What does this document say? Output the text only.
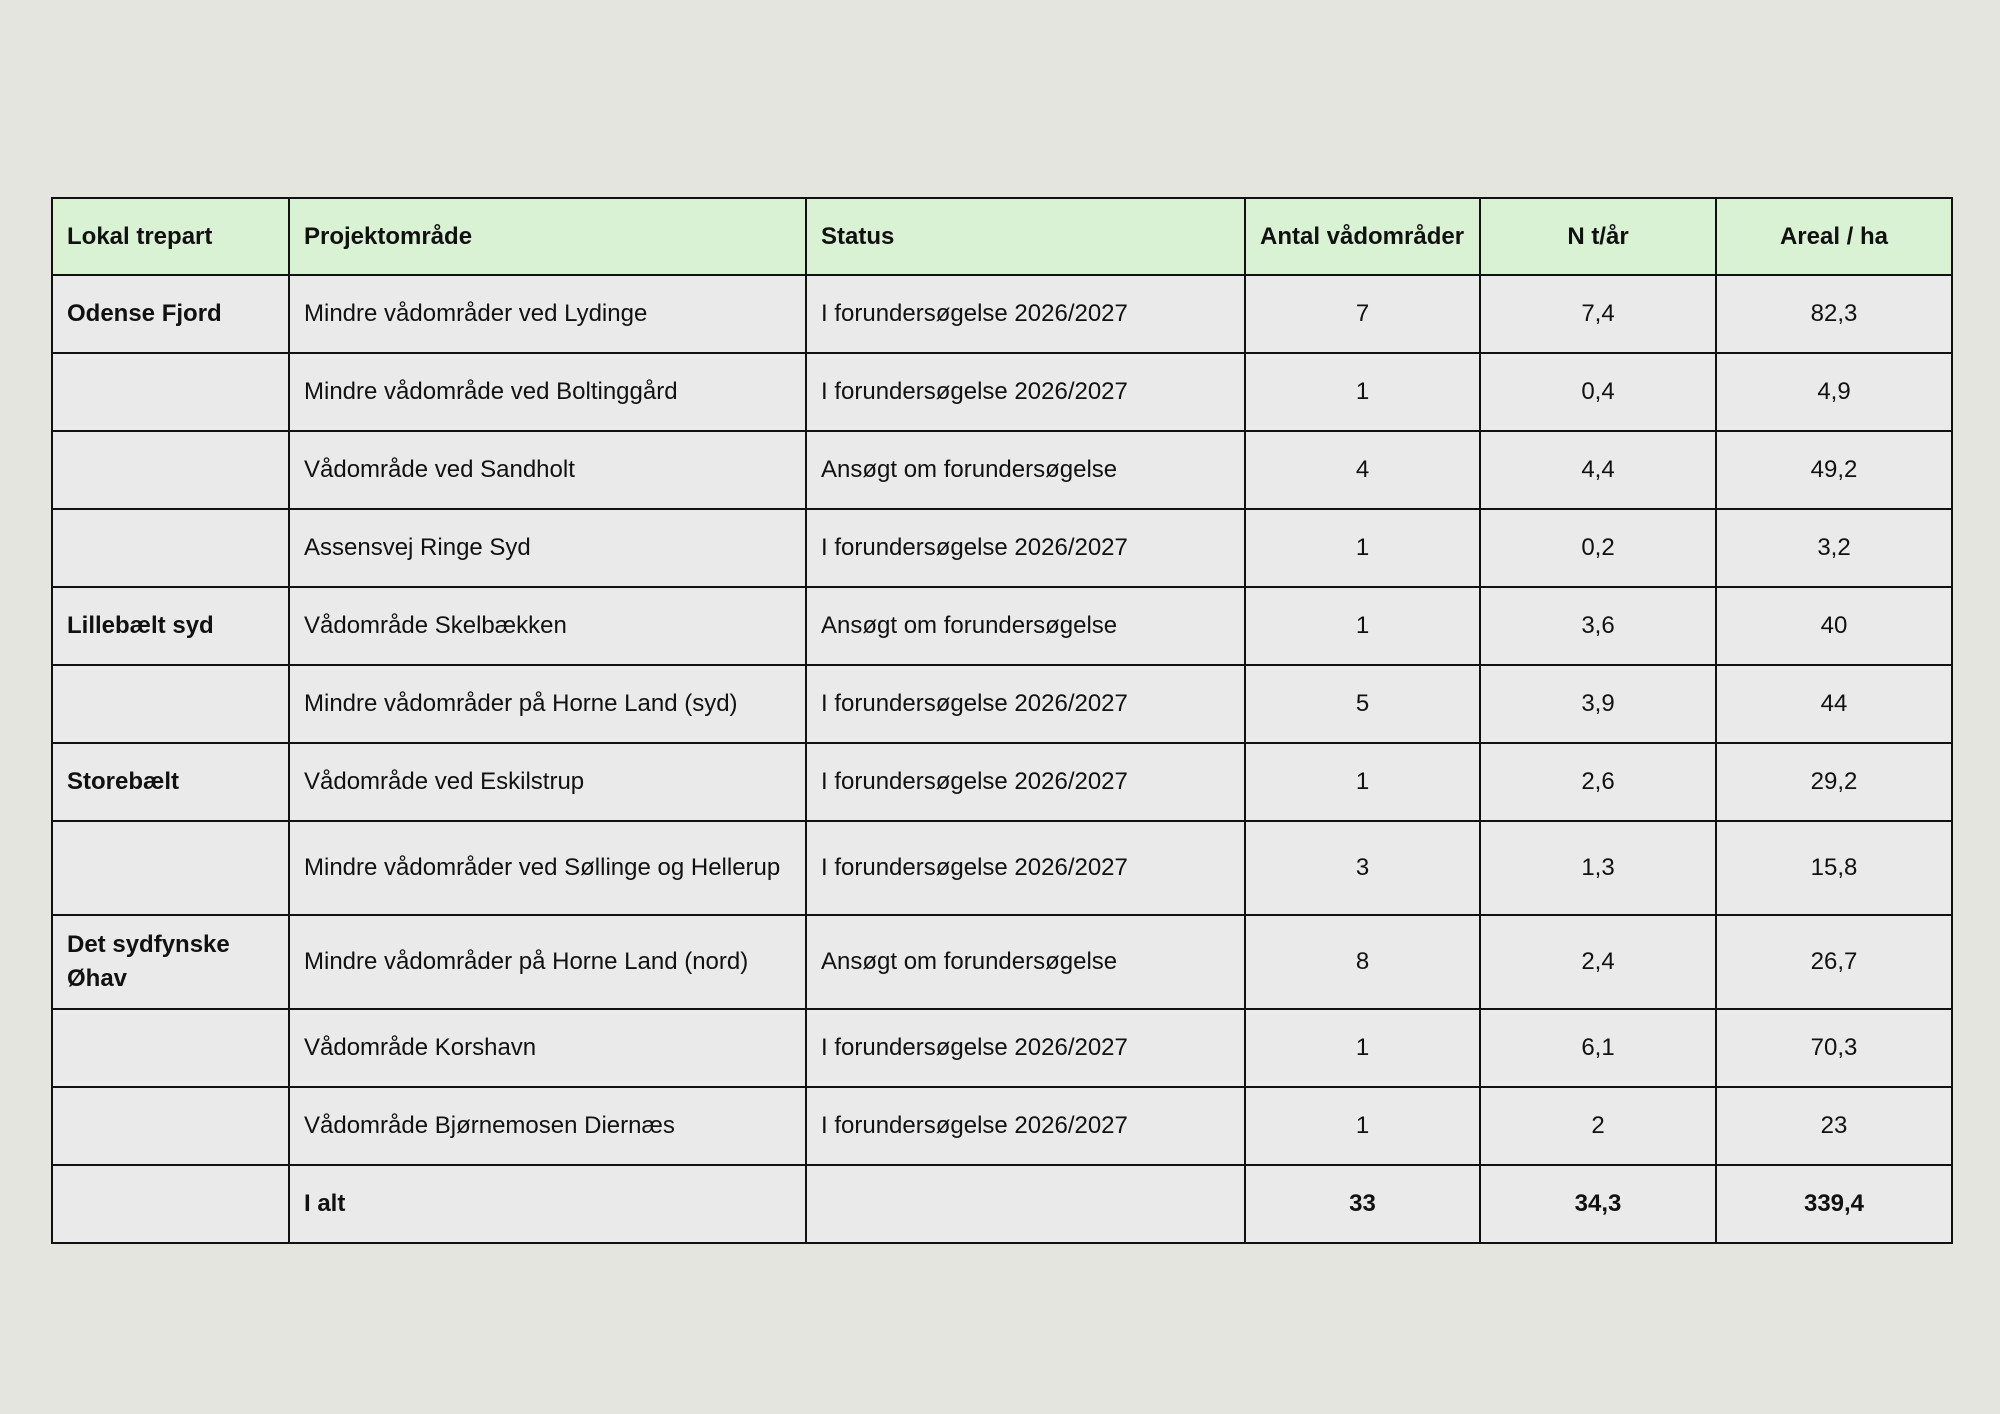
Lokal trepart	Projektområde	Status	Antal vådområder	N t/år	Areal / ha
Odense Fjord	Mindre vådområder ved Lydinge	I forundersøgelse 2026/2027	7	7,4	82,3
	Mindre vådområde ved Boltinggård	I forundersøgelse 2026/2027	1	0,4	4,9
	Vådområde ved Sandholt	Ansøgt om forundersøgelse	4	4,4	49,2
	Assensvej Ringe Syd	I forundersøgelse 2026/2027	1	0,2	3,2
Lillebælt syd	Vådområde Skelbækken	Ansøgt om forundersøgelse	1	3,6	40
	Mindre vådområder på Horne Land (syd)	I forundersøgelse 2026/2027	5	3,9	44
Storebælt	Vådområde ved Eskilstrup	I forundersøgelse 2026/2027	1	2,6	29,2
	Mindre vådområder ved Søllinge og Hellerup	I forundersøgelse 2026/2027	3	1,3	15,8
Det sydfynske Øhav	Mindre vådområder på Horne Land (nord)	Ansøgt om forundersøgelse	8	2,4	26,7
	Vådområde Korshavn	I forundersøgelse 2026/2027	1	6,1	70,3
	Vådområde Bjørnemosen Diernæs	I forundersøgelse 2026/2027	1	2	23
	I alt		33	34,3	339,4
